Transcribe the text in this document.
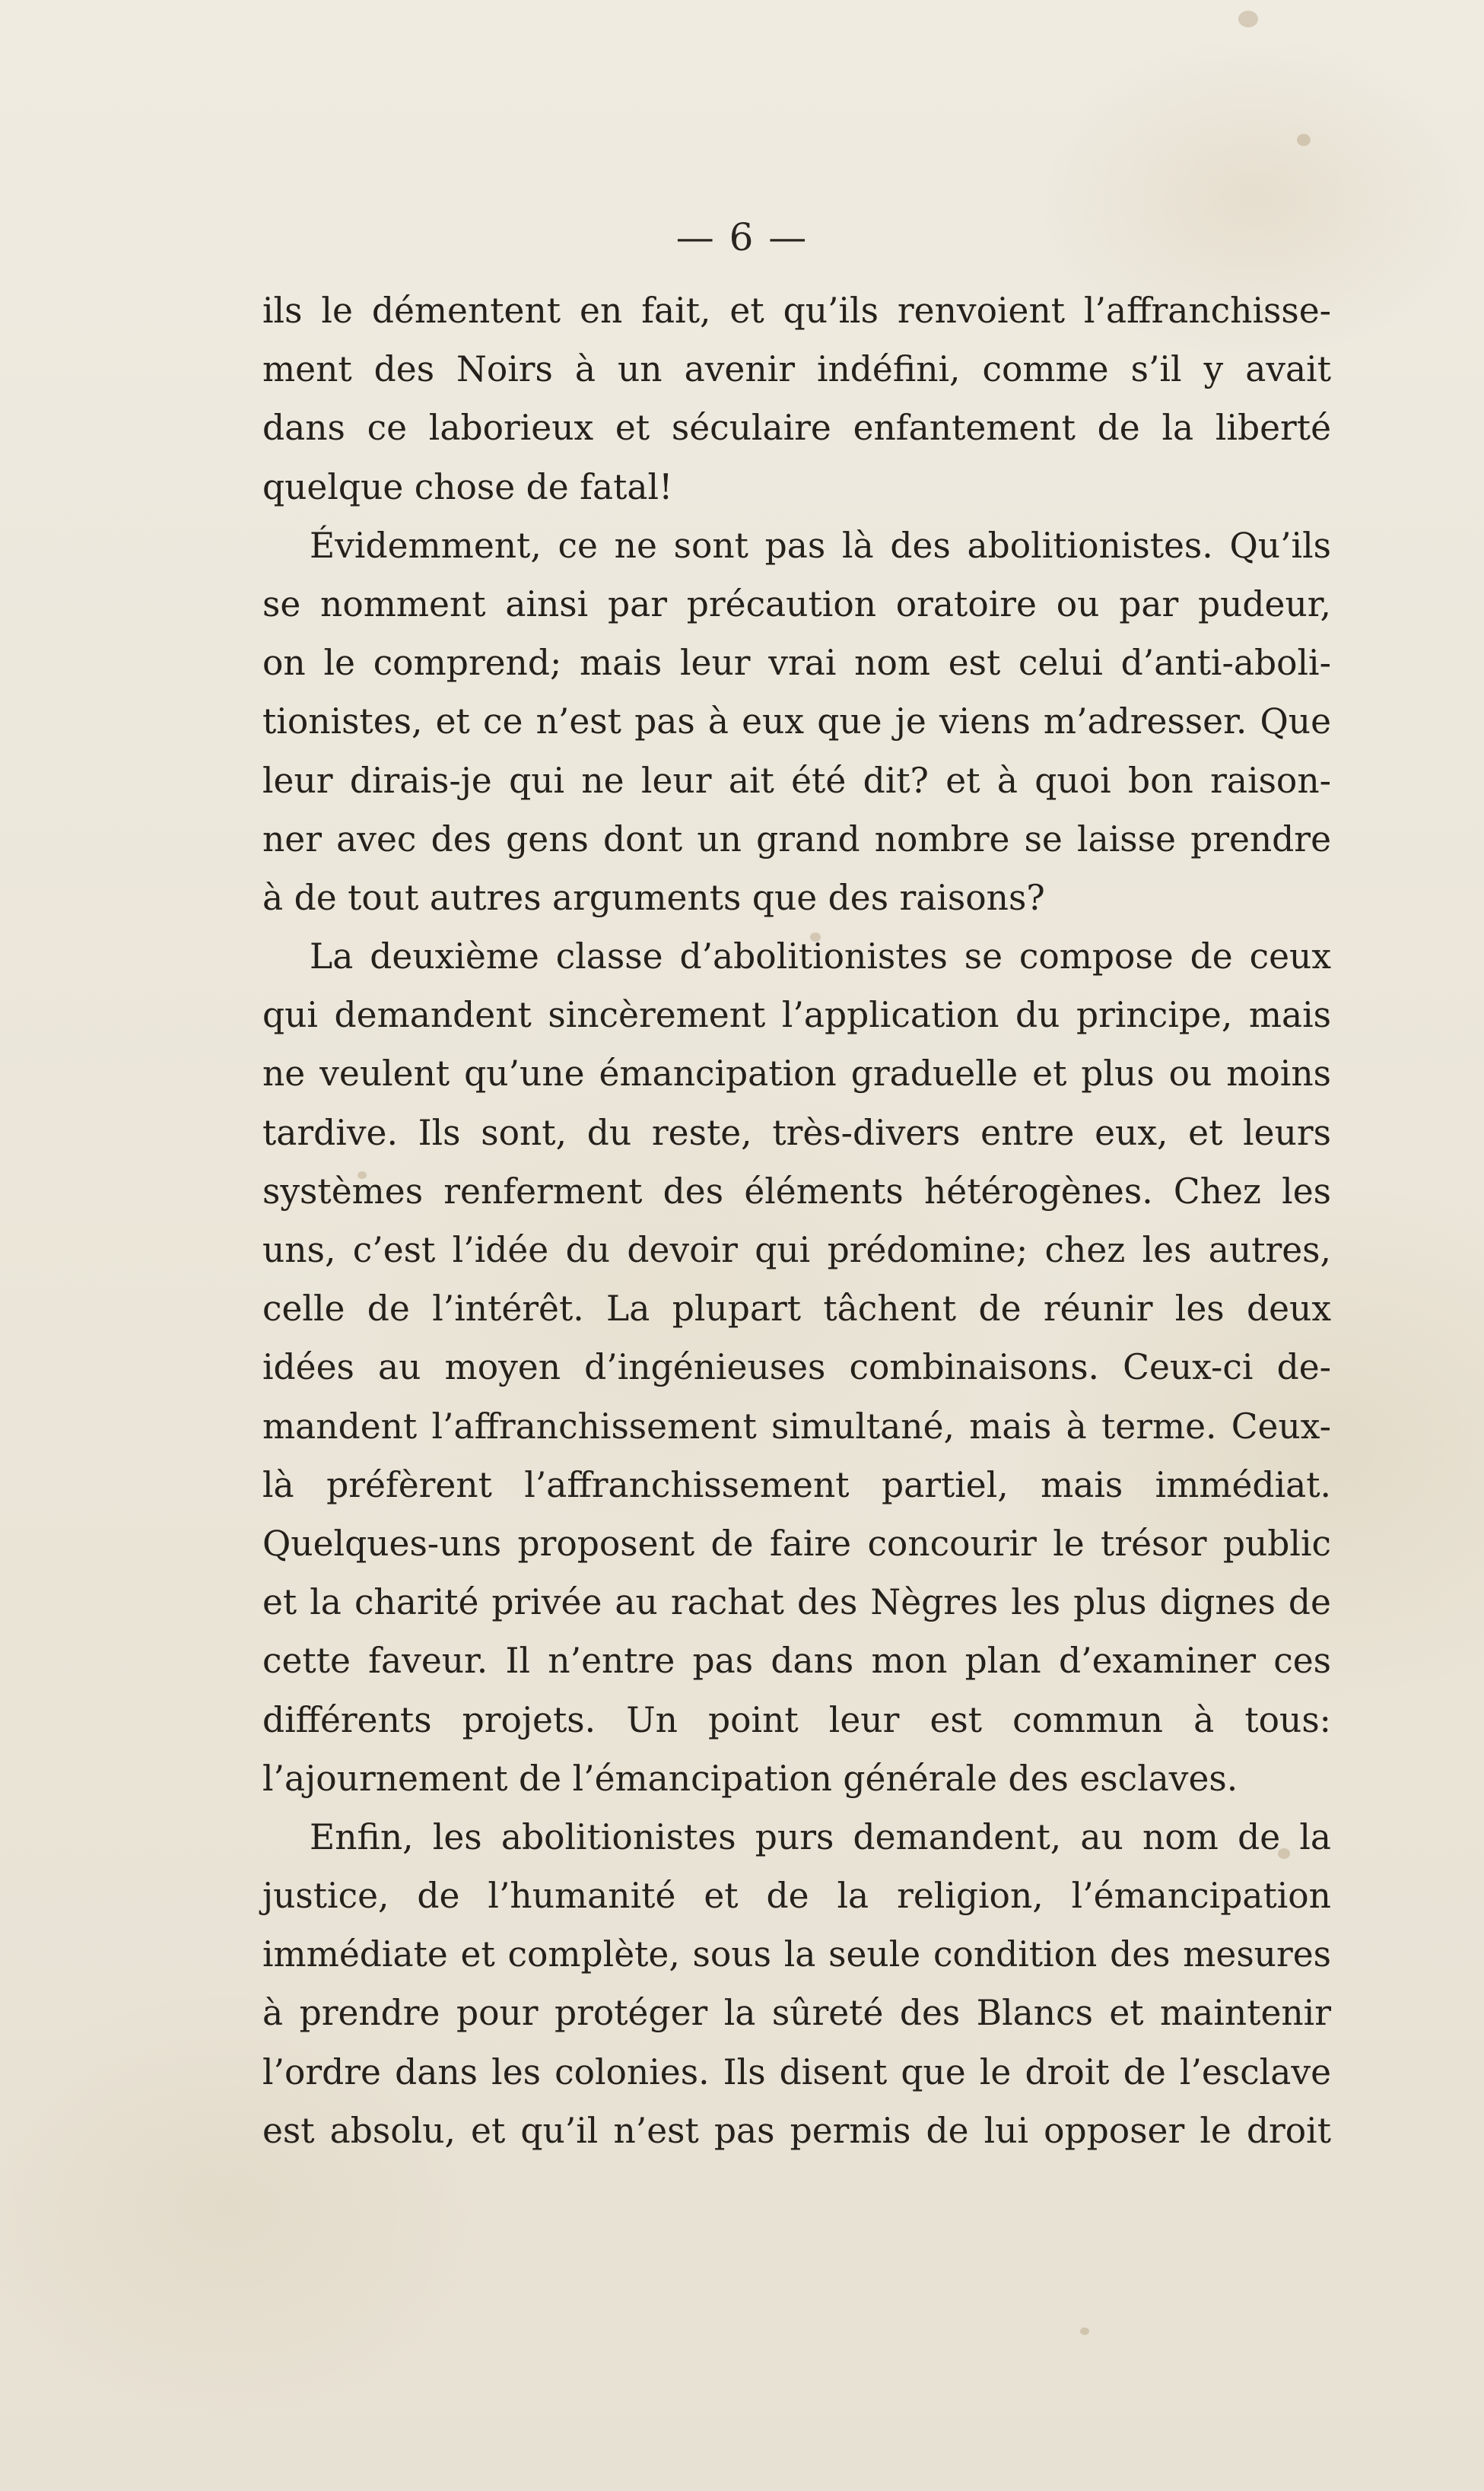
— 6 —
ils le démentent en fait, et qu’ils renvoient l’affranchisse-
ment des Noirs à un avenir indéfini, comme s’il y avait
dans ce laborieux et séculaire enfantement de la liberté
quelque chose de fatal!
Évidemment, ce ne sont pas là des abolitionistes. Qu’ils
se nomment ainsi par précaution oratoire ou par pudeur,
on le comprend; mais leur vrai nom est celui d’anti-aboli-
tionistes, et ce n’est pas à eux que je viens m’adresser. Que
leur dirais-je qui ne leur ait été dit? et à quoi bon raison-
ner avec des gens dont un grand nombre se laisse prendre
à de tout autres arguments que des raisons?
La deuxième classe d’abolitionistes se compose de ceux
qui demandent sincèrement l’application du principe, mais
ne veulent qu’une émancipation graduelle et plus ou moins
tardive. Ils sont, du reste, très-divers entre eux, et leurs
systèmes renferment des éléments hétérogènes. Chez les
uns, c’est l’idée du devoir qui prédomine; chez les autres,
celle de l’intérêt. La plupart tâchent de réunir les deux
idées au moyen d’ingénieuses combinaisons. Ceux-ci de-
mandent l’affranchissement simultané, mais à terme. Ceux-
là préfèrent l’affranchissement partiel, mais immédiat.
Quelques-uns proposent de faire concourir le trésor public
et la charité privée au rachat des Nègres les plus dignes de
cette faveur. Il n’entre pas dans mon plan d’examiner ces
différents projets. Un point leur est commun à tous:
l’ajournement de l’émancipation générale des esclaves.
Enfin, les abolitionistes purs demandent, au nom de la
justice, de l’humanité et de la religion, l’émancipation
immédiate et complète, sous la seule condition des mesures
à prendre pour protéger la sûreté des Blancs et maintenir
l’ordre dans les colonies. Ils disent que le droit de l’esclave
est absolu, et qu’il n’est pas permis de lui opposer le droit
